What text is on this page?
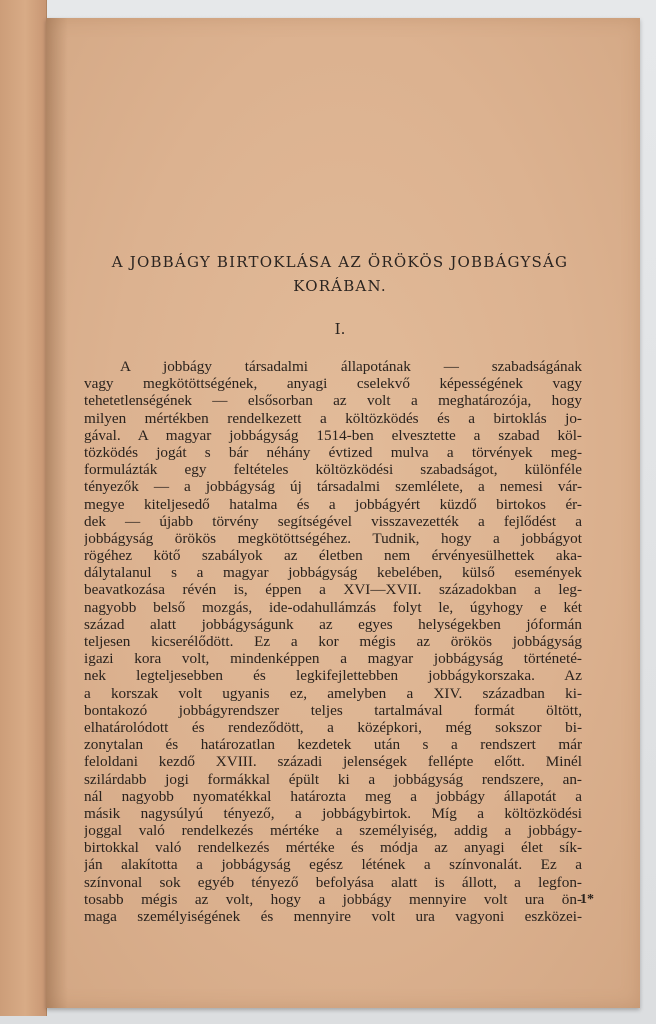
A JOBBÁGY BIRTOKLÁSA AZ ÖRÖKÖS JOBBÁGYSÁG
KORÁBAN.
I.
A jobbágy társadalmi állapotának — szabadságának
vagy megkötöttségének, anyagi cselekvő képességének vagy
tehetetlenségének — elsősorban az volt a meghatározója, hogy
milyen mértékben rendelkezett a költözködés és a birtoklás jo-
gával. A magyar jobbágyság 1514-ben elvesztette a szabad köl-
tözködés jogát s bár néhány évtized mulva a törvények meg-
formulázták egy feltételes költözködési szabadságot, különféle
tényezők — a jobbágyság új társadalmi szemlélete, a nemesi vár-
megye kiteljesedő hatalma és a jobbágyért küzdő birtokos ér-
dek — újabb törvény segítségével visszavezették a fejlődést a
jobbágyság örökös megkötöttségéhez. Tudnik, hogy a jobbágyot
rögéhez kötő szabályok az életben nem érvényesülhettek aka-
dálytalanul s a magyar jobbágyság kebelében, külső események
beavatkozása révén is, éppen a XVI—XVII. századokban a leg-
nagyobb belső mozgás, ide-odahullámzás folyt le, úgyhogy e két
század alatt jobbágyságunk az egyes helységekben jóformán
teljesen kicserélődött. Ez a kor mégis az örökös jobbágyság
igazi kora volt, mindenképpen a magyar jobbágyság történeté-
nek legteljesebben és legkifejlettebben jobbágykorszaka. Az
a korszak volt ugyanis ez, amelyben a XIV. században ki-
bontakozó jobbágyrendszer teljes tartalmával formát öltött,
elhatárolódott és rendeződött, a középkori, még sokszor bi-
zonytalan és határozatlan kezdetek után s a rendszert már
feloldani kezdő XVIII. századi jelenségek fellépte előtt. Minél
szilárdabb jogi formákkal épült ki a jobbágyság rendszere, an-
nál nagyobb nyomatékkal határozta meg a jobbágy állapotát a
másik nagysúlyú tényező, a jobbágybirtok. Míg a költözködési
joggal való rendelkezés mértéke a személyiség, addig a jobbágy-
birtokkal való rendelkezés mértéke és módja az anyagi élet sík-
ján alakította a jobbágyság egész létének a színvonalát. Ez a
színvonal sok egyéb tényező befolyása alatt is állott, a legfon-
tosabb mégis az volt, hogy a jobbágy mennyire volt ura ön-
maga személyiségének és mennyire volt ura vagyoni eszközei-
1*
